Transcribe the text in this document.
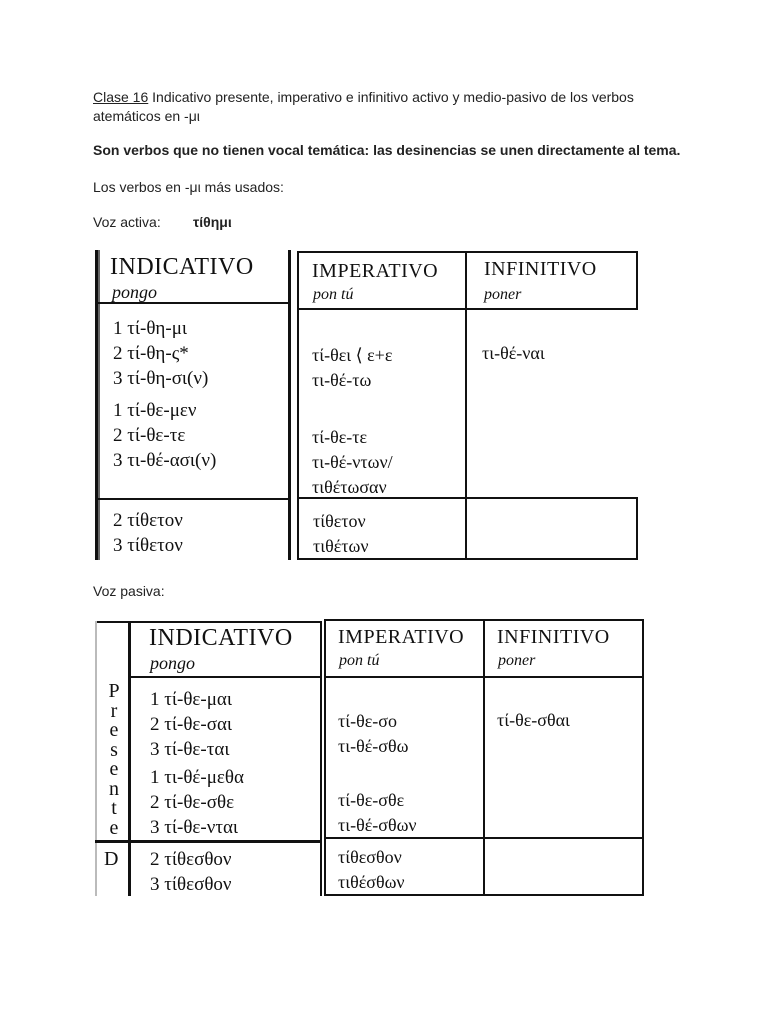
Clase 16 Indicativo presente, imperativo e infinitivo activo y medio-pasivo de los verbos
atemáticos en -μι
Son verbos que no tienen vocal temática: las desinencias se unen directamente al tema.
Los verbos en -μι más usados:
Voz activa: τίθημι
INDICATIVO
pongo
IMPERATIVO
pon tú
INFINITIVO
poner
1 τί-θη-μι
2 τί-θη-ς*
3 τί-θη-σι(ν)
1 τί-θε-μεν
2 τί-θε-τε
3 τι-θέ-ασι(ν)
τί-θει ⟨ ε+ε
τι-θέ-τω
τί-θε-τε
τι-θέ-ντων/
τιθέτωσαν
τι-θέ-ναι
2 τίθετον
3 τίθετον
τίθετον
τιθέτων
Voz pasiva:
P
r
e
s
e
n
t
e
D
INDICATIVO
pongo
IMPERATIVO
pon tú
INFINITIVO
poner
1 τί-θε-μαι
2 τί-θε-σαι
3 τί-θε-ται
1 τι-θέ-μεθα
2 τί-θε-σθε
3 τί-θε-νται
τί-θε-σο
τι-θέ-σθω
τί-θε-σθε
τι-θέ-σθων
τί-θε-σθαι
2 τίθεσθον
3 τίθεσθον
τίθεσθον
τιθέσθων
